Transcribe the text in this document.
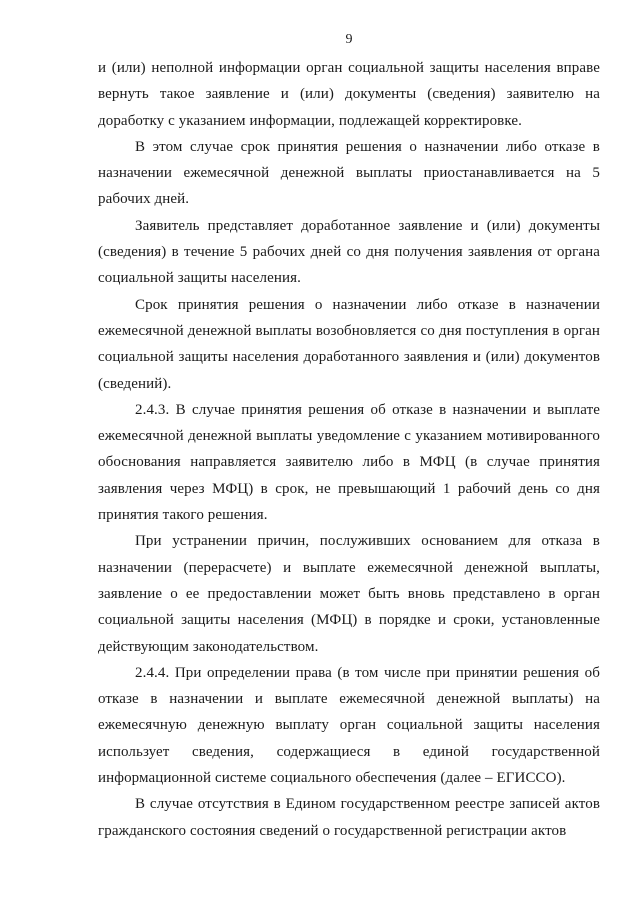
9

и (или) неполной информации орган социальной защиты населения вправе вернуть такое заявление и (или) документы (сведения) заявителю на доработку с указанием информации, подлежащей корректировке.

В этом случае срок принятия решения о назначении либо отказе в назначении ежемесячной денежной выплаты приостанавливается на 5 рабочих дней.

Заявитель представляет доработанное заявление и (или) документы (сведения) в течение 5 рабочих дней со дня получения заявления от органа социальной защиты населения.

Срок принятия решения о назначении либо отказе в назначении ежемесячной денежной выплаты возобновляется со дня поступления в орган социальной защиты населения доработанного заявления и (или) документов (сведений).

2.4.3. В случае принятия решения об отказе в назначении и выплате ежемесячной денежной выплаты уведомление с указанием мотивированного обоснования направляется заявителю либо в МФЦ (в случае принятия заявления через МФЦ) в срок, не превышающий 1 рабочий день со дня принятия такого решения.

При устранении причин, послуживших основанием для отказа в назначении (перерасчете) и выплате ежемесячной денежной выплаты, заявление о ее предоставлении может быть вновь представлено в орган социальной защиты населения (МФЦ) в порядке и сроки, установленные действующим законодательством.

2.4.4. При определении права (в том числе при принятии решения об отказе в назначении и выплате ежемесячной денежной выплаты) на ежемесячную денежную выплату орган социальной защиты населения использует сведения, содержащиеся в единой государственной информационной системе социального обеспечения (далее – ЕГИССО).

В случае отсутствия в Едином государственном реестре записей актов гражданского состояния сведений о государственной регистрации актов
